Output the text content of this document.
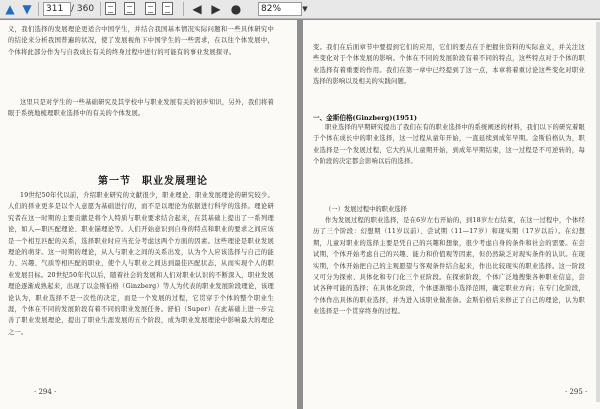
▲ ▼
311	/ 360	◀ ▶ ●	82%	▼

义，我们选择的发展理论更适合中国学生，并结合我国基本情况实际问题和一些具体研究中的结论来分析我国普遍的状况，使了发展视角下中国学生的一些需求，在以往个体发展中，个体将此部分作为与自我成长有关的终身过程中进行的可能有的事业发展探寻。

这里只是对学生的一些基础研究及其学校中与职业发展有关的初步知识，另外，我们将着眼于系统地梳理职业选择中的有关的个体发展。

第一节　职业发展理论

19世纪50年代以前，介绍职业研究的文献很少，职业理论、职业发展理论的研究较少。人们的择业更多是以个人意愿为基础进行的，而不是以理论为依据进行科学的选择。理论研究者在这一时期的主要贡献是将个人特质与职业要求结合起来，在其基础上提出了一系列理论，如人—职匹配理论、职业锚理论等。人们开始意识到自身的特点和职业的要求之间应该是一个相互匹配的关系，选择职业时应当充分考虑这两个方面的因素。这些理论是职业发展理论的萌芽。这一时期的理论，从人与职业之间的关系出发，认为个人应该选择与自己的能力、兴趣、气质等相匹配的职业，使个人与职业之间达到最佳匹配状态，从而实现个人的职业发展目标。20世纪50年代以后，随着社会的发展和人们对职业认识的不断深入，职业发展理论逐渐成熟起来，出现了以金斯伯格（Ginzberg）等人为代表的职业发展阶段理论，该理论认为，职业选择不是一次性的决定，而是一个发展的过程，它贯穿于个体的整个职业生涯，个体在不同的发展阶段有着不同的职业发展任务。舒伯（Super）在此基础上进一步完善了职业发展理论，提出了职业生涯发展的五个阶段，成为职业发展理论中影响最大的理论之一。

· 294 ·

变。我们在后面章节中要提到它们的应用，它们的要点在于把握住资料的实际意义，并关注这些变化对于个体发展的影响。个体在不同的发展阶段有着不同的特点，这些特点对于个体的职业选择有着重要的作用。我们在第一章中已经提到了这一点，本章将着重讨论这些变化对职业选择的影响以及相关的实践问题。

一、金斯伯格(Ginzberg)(1951)

职业选择的早期研究提出了我们在有的职业选择中的系统阐述的材料，我们以下的研究着眼于个体在成长中的职业选择，这一过程从童年开始，一直延续到成年早期。金斯伯格认为，职业选择是一个发展过程，它大约从儿童期开始，到成年早期结束，这一过程是不可逆转的，每个阶段的决定都会影响以后的选择。

（一）发展过程中的职业选择

作为发展过程的职业选择，是在6岁左右开始的，到18岁左右结束，在这一过程中，个体经历了三个阶段：幻想期（11岁以前）、尝试期（11—17岁）和现实期（17岁以后）。在幻想期，儿童对职业的选择主要是凭自己的兴趣和想象，很少考虑自身的条件和社会的需要。在尝试期，个体开始考虑自己的兴趣、能力和价值观等因素，但仍然缺乏对现实条件的认识。在现实期，个体开始把自己的主观愿望与客观条件结合起来，作出比较现实的职业选择。这一阶段又可分为探索、具体化和专门化三个亚阶段。在探索阶段，个体广泛地搜集各种职业信息，尝试各种可能的选择；在具体化阶段，个体逐渐缩小选择范围，确定职业方向；在专门化阶段，个体作出具体的职业选择，并为进入该职业做准备。金斯伯格后来修正了自己的理论，认为职业选择是一个贯穿终身的过程。

· 295 ·
